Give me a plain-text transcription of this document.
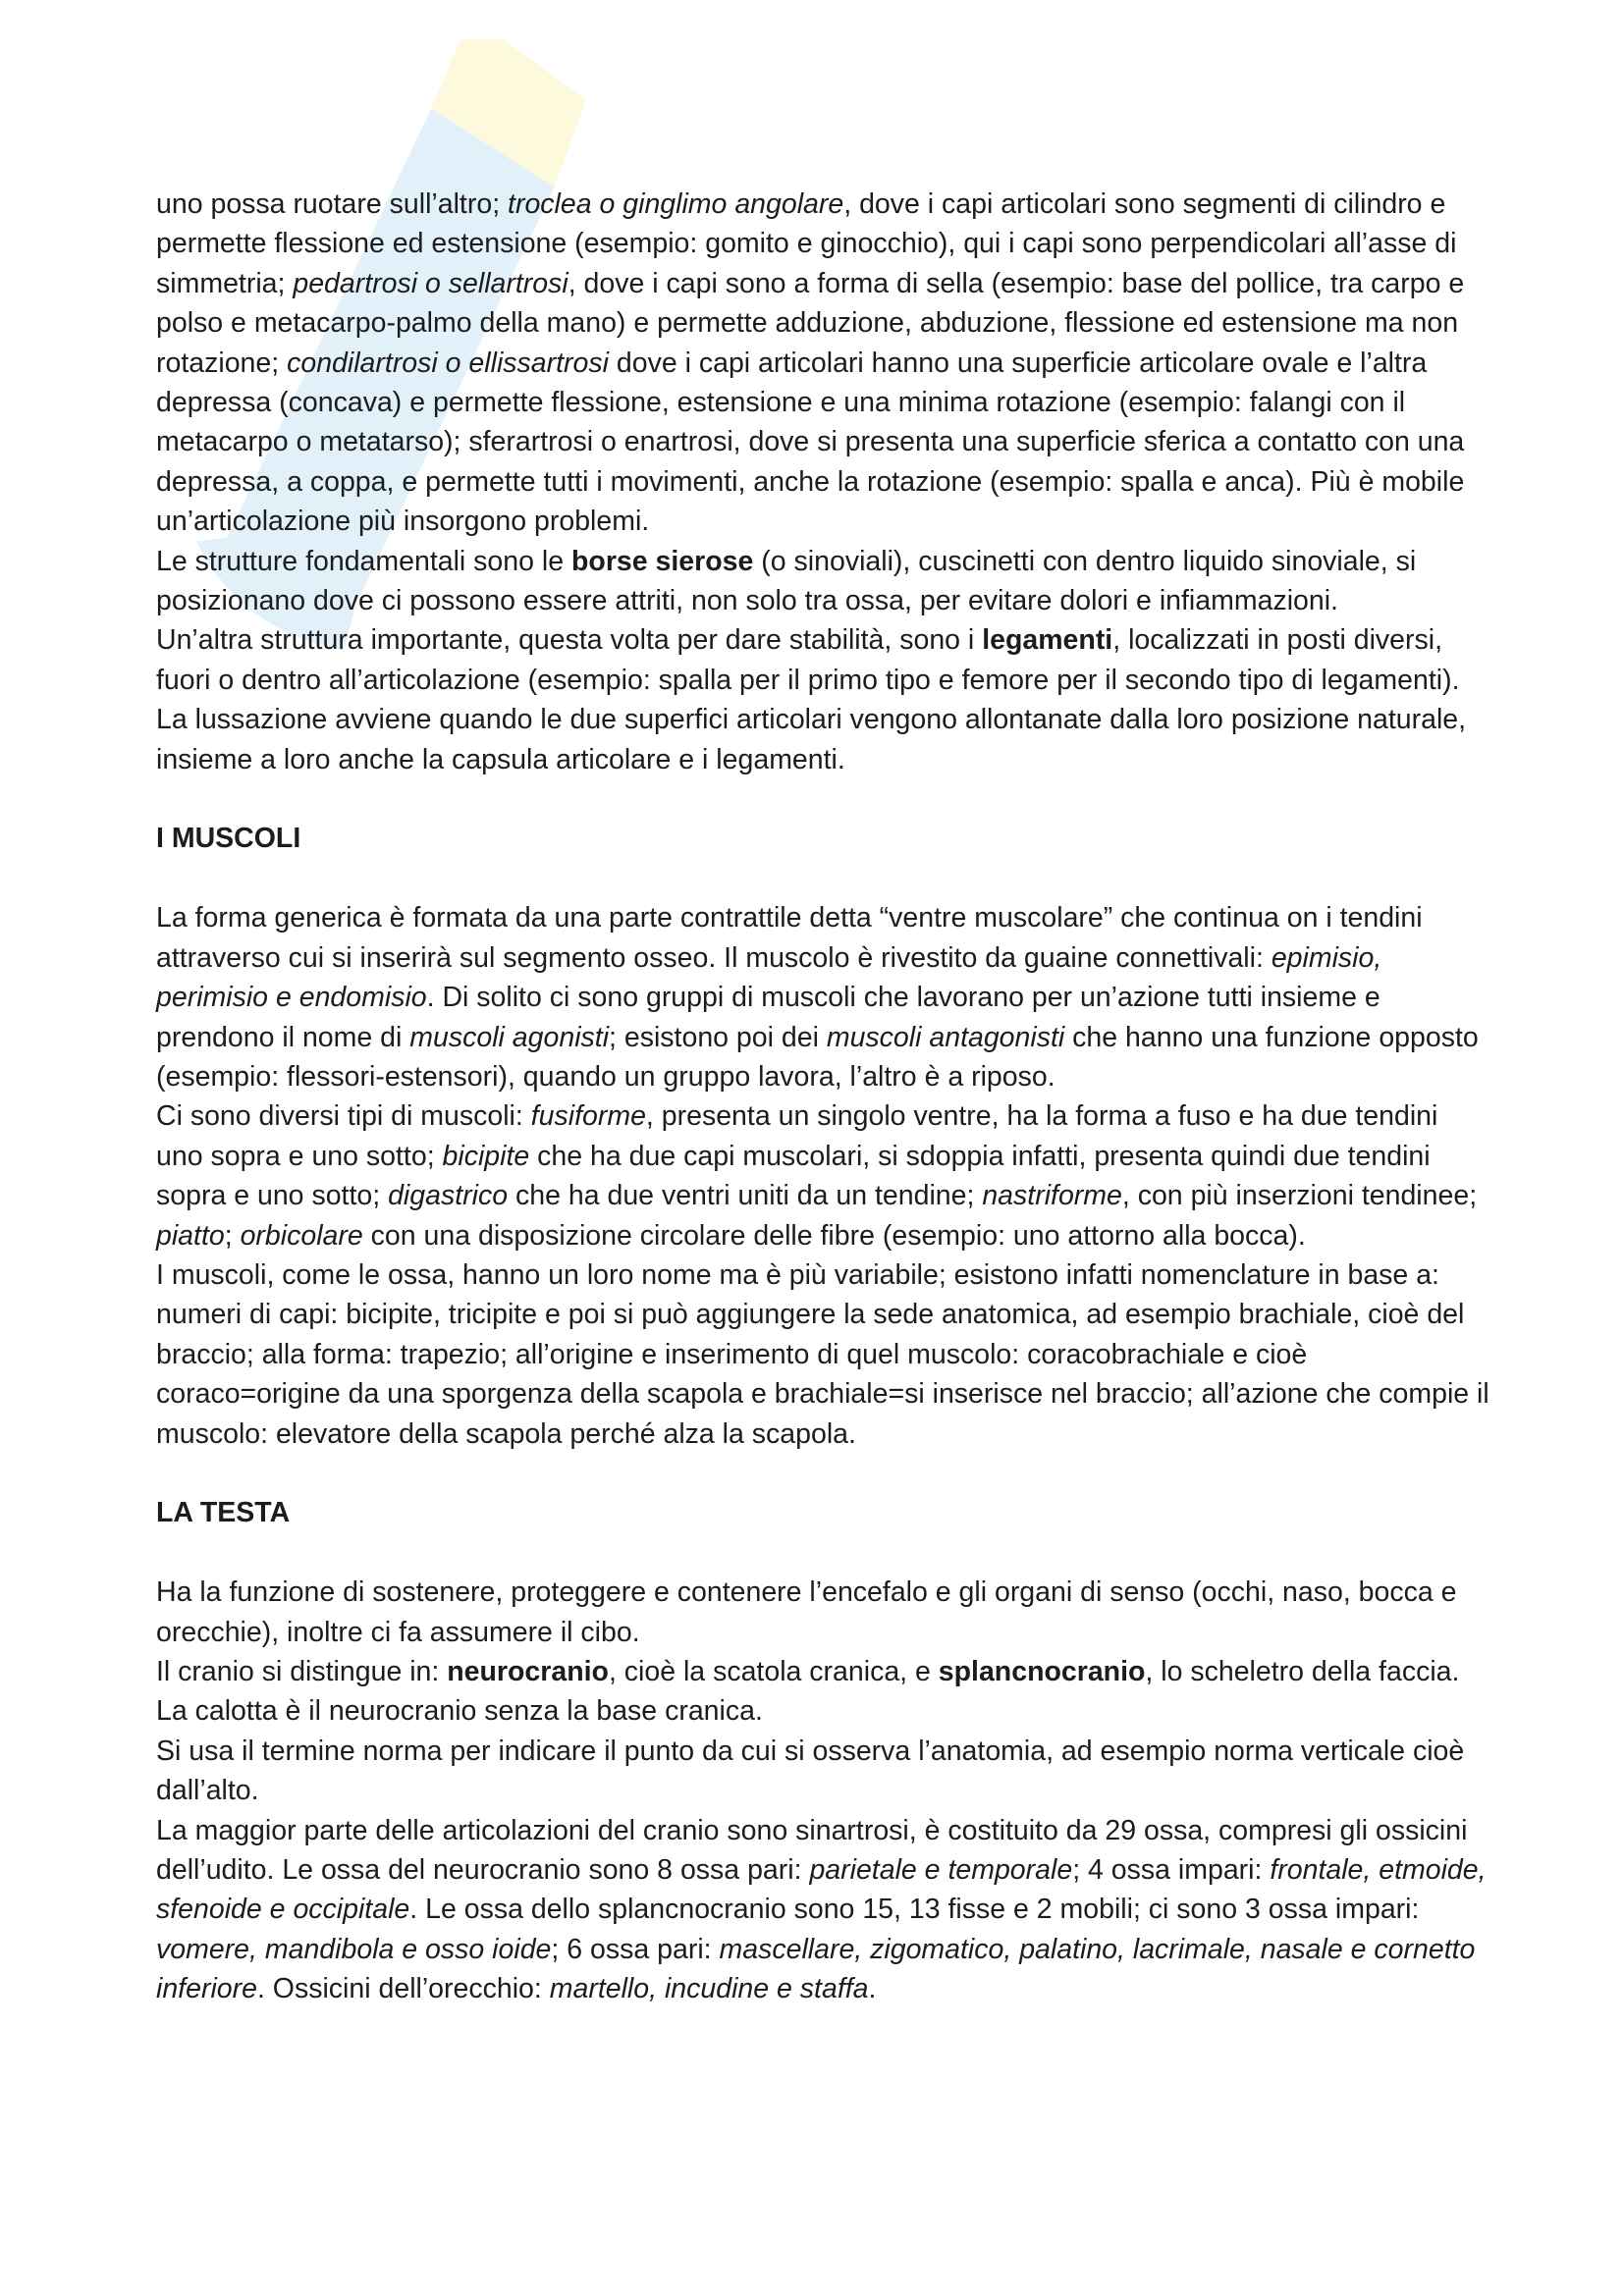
uno possa ruotare sull’altro; troclea o ginglimo angolare, dove i capi articolari sono segmenti di cilindro e permette flessione ed estensione (esempio: gomito e ginocchio), qui i capi sono perpendicolari all’asse di simmetria; pedartrosi o sellartrosi, dove i capi sono a forma di sella (esempio: base del pollice, tra carpo e polso e metacarpo-palmo della mano) e permette adduzione, abduzione, flessione ed estensione ma non rotazione; condilartrosi o ellissartrosi dove i capi articolari hanno una superficie articolare ovale e l’altra depressa (concava) e permette flessione, estensione e una minima rotazione (esempio: falangi con il metacarpo o metatarso); sferartrosi o enartrosi, dove si presenta una superficie sferica a contatto con una depressa, a coppa, e permette tutti i movimenti, anche la rotazione (esempio: spalla e anca). Più è mobile un’articolazione più insorgono problemi.

Le strutture fondamentali sono le borse sierose (o sinoviali), cuscinetti con dentro liquido sinoviale, si posizionano dove ci possono essere attriti, non solo tra ossa, per evitare dolori e infiammazioni.

Un’altra struttura importante, questa volta per dare stabilità, sono i legamenti, localizzati in posti diversi, fuori o dentro all’articolazione (esempio: spalla per il primo tipo e femore per il secondo tipo di legamenti).

La lussazione avviene quando le due superfici articolari vengono allontanate dalla loro posizione naturale, insieme a loro anche la capsula articolare e i legamenti.

I MUSCOLI

La forma generica è formata da una parte contrattile detta “ventre muscolare” che continua on i tendini attraverso cui si inserirà sul segmento osseo. Il muscolo è rivestito da guaine connettivali: epimisio, perimisio e endomisio. Di solito ci sono gruppi di muscoli che lavorano per un’azione tutti insieme e prendono il nome di muscoli agonisti; esistono poi dei muscoli antagonisti che hanno una funzione opposto (esempio: flessori-estensori), quando un gruppo lavora, l’altro è a riposo.

Ci sono diversi tipi di muscoli: fusiforme, presenta un singolo ventre, ha la forma a fuso e ha due tendini uno sopra e uno sotto; bicipite che ha due capi muscolari, si sdoppia infatti, presenta quindi due tendini sopra e uno sotto; digastrico che ha due ventri uniti da un tendine; nastriforme, con più inserzioni tendinee; piatto; orbicolare con una disposizione circolare delle fibre (esempio: uno attorno alla bocca).

I muscoli, come le ossa, hanno un loro nome ma è più variabile; esistono infatti nomenclature in base a: numeri di capi: bicipite, tricipite e poi si può aggiungere la sede anatomica, ad esempio brachiale, cioè del braccio; alla forma: trapezio; all’origine e inserimento di quel muscolo: coracobrachiale e cioè coraco=origine da una sporgenza della scapola e brachiale=si inserisce nel braccio; all’azione che compie il muscolo: elevatore della scapola perché alza la scapola.

LA TESTA

Ha la funzione di sostenere, proteggere e contenere l’encefalo e gli organi di senso (occhi, naso, bocca e orecchie), inoltre ci fa assumere il cibo.

Il cranio si distingue in: neurocranio, cioè la scatola cranica, e splancnocranio, lo scheletro della faccia. La calotta è il neurocranio senza la base cranica.

Si usa il termine norma per indicare il punto da cui si osserva l’anatomia, ad esempio norma verticale cioè dall’alto.

La maggior parte delle articolazioni del cranio sono sinartrosi, è costituito da 29 ossa, compresi gli ossicini dell’udito. Le ossa del neurocranio sono 8 ossa pari: parietale e temporale; 4 ossa impari: frontale, etmoide, sfenoide e occipitale. Le ossa dello splancnocranio sono 15, 13 fisse e 2 mobili; ci sono 3 ossa impari: vomere, mandibola e osso ioide; 6 ossa pari: mascellare, zigomatico, palatino, lacrimale, nasale e cornetto inferiore. Ossicini dell’orecchio: martello, incudine e staffa.
